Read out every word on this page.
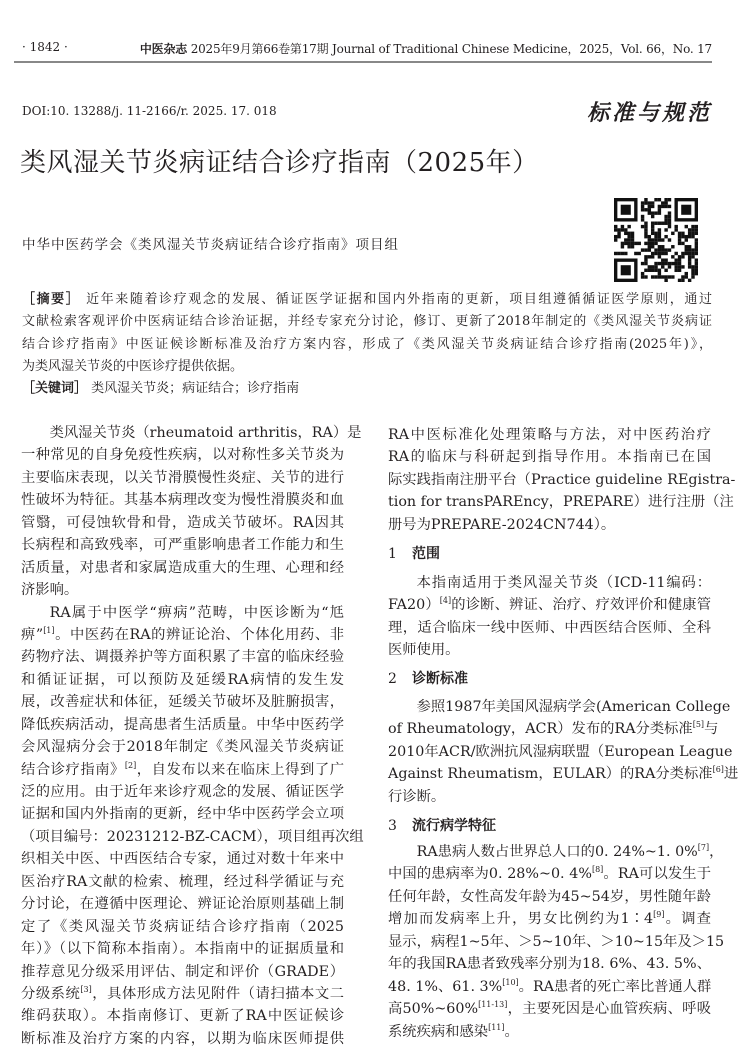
· 1842 ·	中医杂志 2025年9月第66卷第17期 Journal of Traditional Chinese Medicine，2025，Vol. 66，No. 17
DOI:10. 13288/j. 11-2166/r. 2025. 17. 018	标准与规范
类风湿关节炎病证结合诊疗指南（2025年）
中华中医药学会《类风湿关节炎病证结合诊疗指南》项目组
［摘要］ 近年来随着诊疗观念的发展、循证医学证据和国内外指南的更新，项目组遵循循证医学原则，通过
文献检索客观评价中医病证结合诊治证据，并经专家充分讨论，修订、更新了2018年制定的《类风湿关节炎病证
结合诊疗指南》中医证候诊断标准及治疗方案内容，形成了《类风湿关节炎病证结合诊疗指南(2025年)》，
为类风湿关节炎的中医诊疗提供依据。
［关键词］ 类风湿关节炎；病证结合；诊疗指南
类风湿关节炎（rheumatoid arthritis，RA）是
一种常见的自身免疫性疾病，以对称性多关节炎为
主要临床表现，以关节滑膜慢性炎症、关节的进行
性破坏为特征。其基本病理改变为慢性滑膜炎和血
管翳，可侵蚀软骨和骨，造成关节破坏。RA因其
长病程和高致残率，可严重影响患者工作能力和生
活质量，对患者和家属造成重大的生理、心理和经
济影响。
RA属于中医学“痹病”范畴，中医诊断为“尪
痹”[1]。中医药在RA的辨证论治、个体化用药、非
药物疗法、调摄养护等方面积累了丰富的临床经验
和循证证据，可以预防及延缓RA病情的发生发
展，改善症状和体征，延缓关节破坏及脏腑损害，
降低疾病活动，提高患者生活质量。中华中医药学
会风湿病分会于2018年制定《类风湿关节炎病证
结合诊疗指南》[2]，自发布以来在临床上得到了广
泛的应用。由于近年来诊疗观念的发展、循证医学
证据和国内外指南的更新，经中华中医药学会立项
（项目编号：20231212-BZ-CACM），项目组再次组
织相关中医、中西医结合专家，通过对数十年来中
医治疗RA文献的检索、梳理，经过科学循证与充
分讨论，在遵循中医理论、辨证论治原则基础上制
定了《类风湿关节炎病证结合诊疗指南（2025
年）》（以下简称本指南）。本指南中的证据质量和
推荐意见分级采用评估、制定和评价（GRADE）
分级系统[3]，具体形成方法见附件（请扫描本文二
维码获取）。本指南修订、更新了RA中医证候诊
断标准及治疗方案的内容，以期为临床医师提供
RA中医标准化处理策略与方法，对中医药治疗
RA的临床与科研起到指导作用。本指南已在国
际实践指南注册平台（Practice guideline REgistra-
tion for transPAREncy，PREPARE）进行注册（注
册号为PREPARE-2024CN744）。
1 范围
本指南适用于类风湿关节炎（ICD-11编码：
FA20）[4]的诊断、辨证、治疗、疗效评价和健康管
理，适合临床一线中医师、中西医结合医师、全科
医师使用。
2 诊断标准
参照1987年美国风湿病学会(American College
of Rheumatology，ACR）发布的RA分类标准[5]与
2010年ACR/欧洲抗风湿病联盟（European League
Against Rheumatism，EULAR）的RA分类标准[6]进
行诊断。
3 流行病学特征
RA患病人数占世界总人口的0. 24%~1. 0%[7]，
中国的患病率为0. 28%~0. 4%[8]。RA可以发生于
任何年龄，女性高发年龄为45~54岁，男性随年龄
增加而发病率上升，男女比例约为1∶4[9]。调查
显示，病程1~5年、＞5~10年、＞10~15年及＞15
年的我国RA患者致残率分别为18. 6%、43. 5%、
48. 1%、61. 3%[10]。RA患者的死亡率比普通人群
高50%~60%[11-13]，主要死因是心血管疾病、呼吸
系统疾病和感染[11]。
